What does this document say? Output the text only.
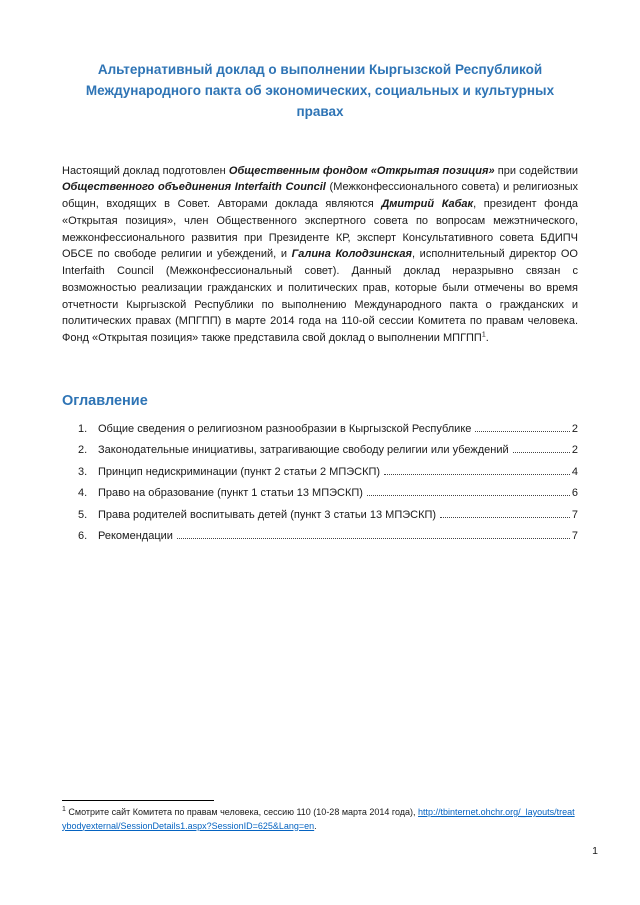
Альтернативный доклад о выполнении Кыргызской Республикой Международного пакта об экономических, социальных и культурных правах

Настоящий доклад подготовлен Общественным фондом «Открытая позиция» при содействии Общественного объединения Interfaith Council (Межконфессионального совета) и религиозных общин, входящих в Совет. Авторами доклада являются Дмитрий Кабак, президент фонда «Открытая позиция», член Общественного экспертного совета по вопросам межэтнического, межконфессионального развития при Президенте КР, эксперт Консультативного совета БДИПЧ ОБСЕ по свободе религии и убеждений, и Галина Колодзинская, исполнительный директор ОО Interfaith Council (Межконфессиональный совет). Данный доклад неразрывно связан с возможностью реализации гражданских и политических прав, которые были отмечены во время отчетности Кыргызской Республики по выполнению Международного пакта о гражданских и политических правах (МПГПП) в марте 2014 года на 110-ой сессии Комитета по правам человека. Фонд «Открытая позиция» также представила свой доклад о выполнении МПГПП$^1$.

Оглавление
1. Общие сведения о религиозном разнообразии в Кыргызской Республике	2
2. Законодательные инициативы, затрагивающие свободу религии или убеждений	2
3. Принцип недискриминации (пункт 2 статьи 2 МПЭСКП)	4
4. Право на образование (пункт 1 статьи 13 МПЭСКП)	6
5. Права родителей воспитывать детей (пункт 3 статьи 13 МПЭСКП)	7
6. Рекомендации	7
$^1$ Смотрите сайт Комитета по правам человека, сессию 110 (10-28 марта 2014 года), http://tbinternet.ohchr.org/_layouts/treatybodyexternal/SessionDetails1.aspx?SessionID=625&Lang=en.
1
